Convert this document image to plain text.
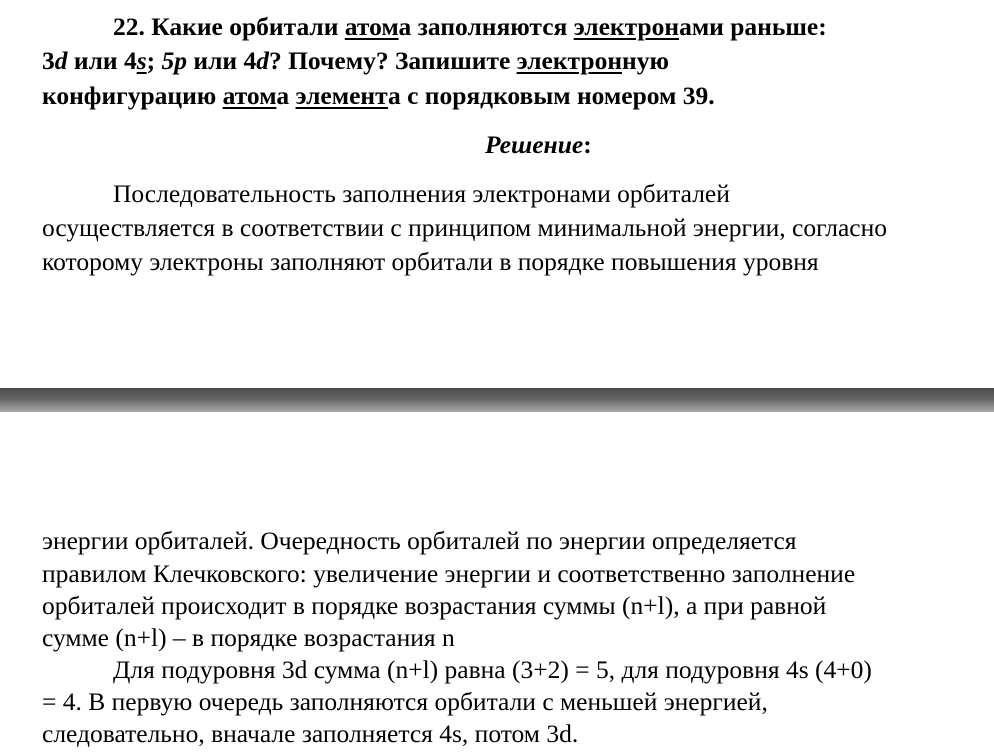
22. Какие орбитали атома заполняются электронами раньше:
3d или 4s; 5p или 4d? Почему? Запишите электронную
конфигурацию атома элемента с порядковым номером 39.
Решение:
Последовательность заполнения электронами орбиталей
осуществляется в соответствии с принципом минимальной энергии, согласно
которому электроны заполняют орбитали в порядке повышения уровня
энергии орбиталей. Очередность орбиталей по энергии определяется
правилом Клечковского: увеличение энергии и соответственно заполнение
орбиталей происходит в порядке возрастания суммы (n+l), а при равной
сумме (n+l) – в порядке возрастания n
Для подуровня 3d сумма (n+l) равна (3+2) = 5, для подуровня 4s (4+0)
= 4. В первую очередь заполняются орбитали с меньшей энергией,
следовательно, вначале заполняется 4s, потом 3d.
